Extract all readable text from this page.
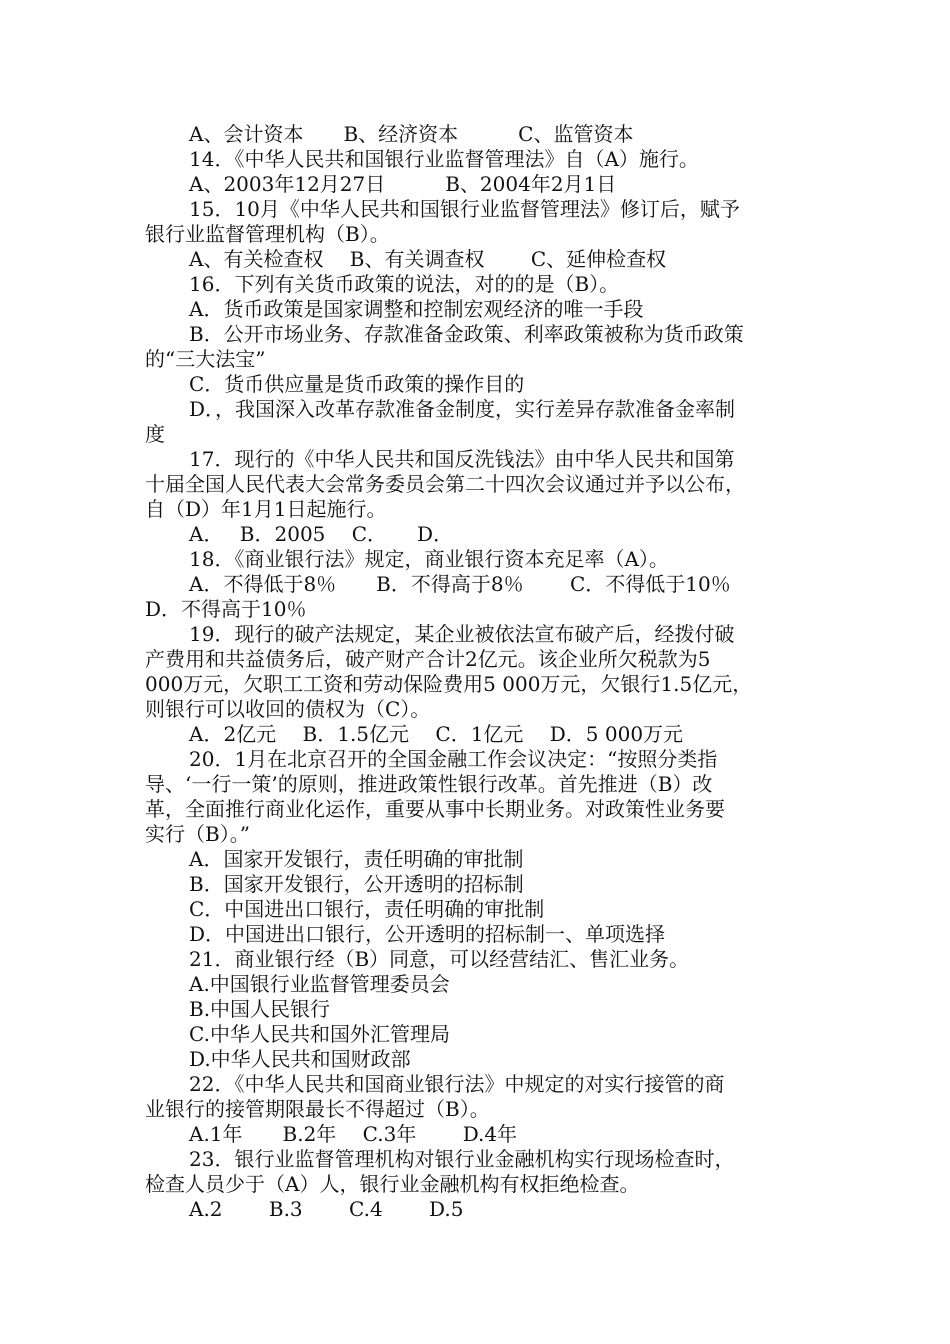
A、会计资本　　B、经济资本　　　C、监管资本
14．《中华人民共和国银行业监督管理法》自（A）施行。
A、2003年12月27日　　　B、2004年2月1日
15．10月《中华人民共和国银行业监督管理法》修订后，赋予
银行业监督管理机构（B）。
A、有关检查权　 B、有关调查权　　 C、延伸检查权
16．下列有关货币政策的说法，对的的是（B）。
A．货币政策是国家调整和控制宏观经济的唯一手段
B．公开市场业务、存款准备金政策、利率政策被称为货币政策
的“三大法宝”
C．货币供应量是货币政策的操作目的
D．，我国深入改革存款准备金制度，实行差异存款准备金率制
度
17．现行的《中华人民共和国反洗钱法》由中华人民共和国第
十届全国人民代表大会常务委员会第二十四次会议通过并予以公布，
自（D）年1月1日起施行。
A．　 B．2005　 C．　　D．
18．《商业银行法》规定，商业银行资本充足率（A）。
A．不得低于8％　　B．不得高于8％　　 C．不得低于10％
D．不得高于10％
19．现行的破产法规定，某企业被依法宣布破产后，经拨付破
产费用和共益债务后，破产财产合计2亿元。该企业所欠税款为5
000万元，欠职工工资和劳动保险费用5 000万元，欠银行1.5亿元，
则银行可以收回的债权为（C）。
A．2亿元　 B．1.5亿元　 C．1亿元　 D．5 000万元
20．1月在北京召开的全国金融工作会议决定：“按照分类指
导、‘一行一策’的原则，推进政策性银行改革。首先推进（B）改
革，全面推行商业化运作，重要从事中长期业务。对政策性业务要
实行（B）。”
A．国家开发银行，责任明确的审批制
B．国家开发银行，公开透明的招标制
C．中国进出口银行，责任明确的审批制
D．中国进出口银行，公开透明的招标制一、单项选择
21．商业银行经（B）同意，可以经营结汇、售汇业务。
A.中国银行业监督管理委员会
B.中国人民银行
C.中华人民共和国外汇管理局
D.中华人民共和国财政部
22．《中华人民共和国商业银行法》中规定的对实行接管的商
业银行的接管期限最长不得超过（B）。
A.1年　　B.2年　 C.3年　　 D.4年
23．银行业监督管理机构对银行业金融机构实行现场检查时，
检查人员少于（A）人，银行业金融机构有权拒绝检查。
A.2　　 B.3　　 C.4　　 D.5
